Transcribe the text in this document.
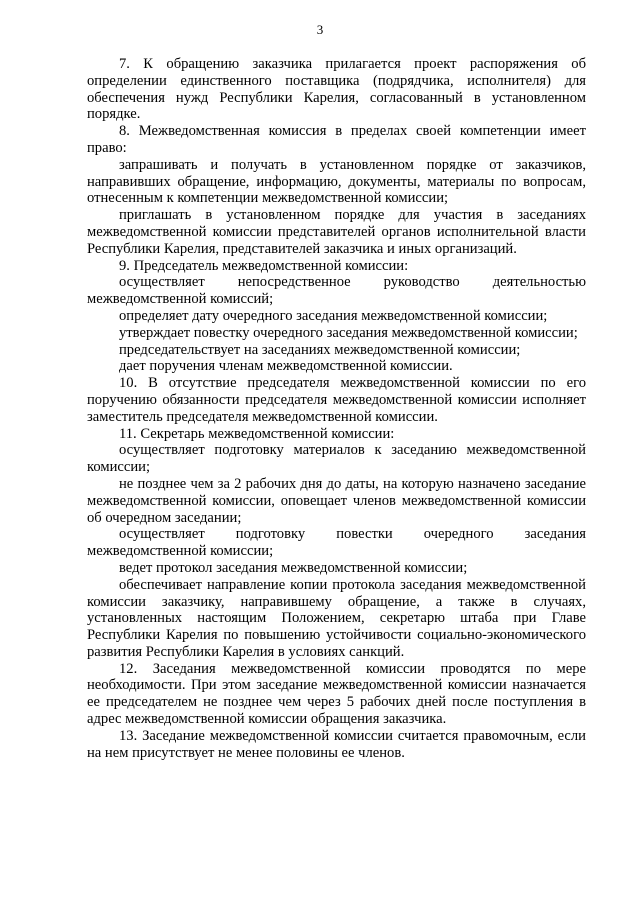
3

7. К обращению заказчика прилагается проект распоряжения об определении единственного поставщика (подрядчика, исполнителя) для обеспечения нужд Республики Карелия, согласованный в установленном порядке.

8. Межведомственная комиссия в пределах своей компетенции имеет право:

запрашивать и получать в установленном порядке от заказчиков, направивших обращение, информацию, документы, материалы по вопросам, отнесенным к компетенции межведомственной комиссии;

приглашать в установленном порядке для участия в заседаниях межведомственной комиссии представителей органов исполнительной власти Республики Карелия, представителей заказчика и иных организаций.

9. Председатель межведомственной комиссии:

осуществляет непосредственное руководство деятельностью межведомственной комиссий;

определяет дату очередного заседания межведомственной комиссии;

утверждает повестку очередного заседания межведомственной комиссии;

председательствует на заседаниях межведомственной комиссии;

дает поручения членам межведомственной комиссии.

10. В отсутствие председателя межведомственной комиссии по его поручению обязанности председателя межведомственной комиссии исполняет заместитель председателя межведомственной комиссии.

11. Секретарь межведомственной комиссии:

осуществляет подготовку материалов к заседанию межведомственной комиссии;

не позднее чем за 2 рабочих дня до даты, на которую назначено заседание межведомственной комиссии, оповещает членов межведомственной комиссии об очередном заседании;

осуществляет подготовку повестки очередного заседания межведомственной комиссии;

ведет протокол заседания межведомственной комиссии;

обеспечивает направление копии протокола заседания межведомственной комиссии заказчику, направившему обращение, а также в случаях, установленных настоящим Положением, секретарю штаба при Главе Республики Карелия по повышению устойчивости социально-экономического развития Республики Карелия в условиях санкций.

12. Заседания межведомственной комиссии проводятся по мере необходимости. При этом заседание межведомственной комиссии назначается ее председателем не позднее чем через 5 рабочих дней после поступления в адрес межведомственной комиссии обращения заказчика.

13. Заседание межведомственной комиссии считается правомочным, если на нем присутствует не менее половины ее членов.
